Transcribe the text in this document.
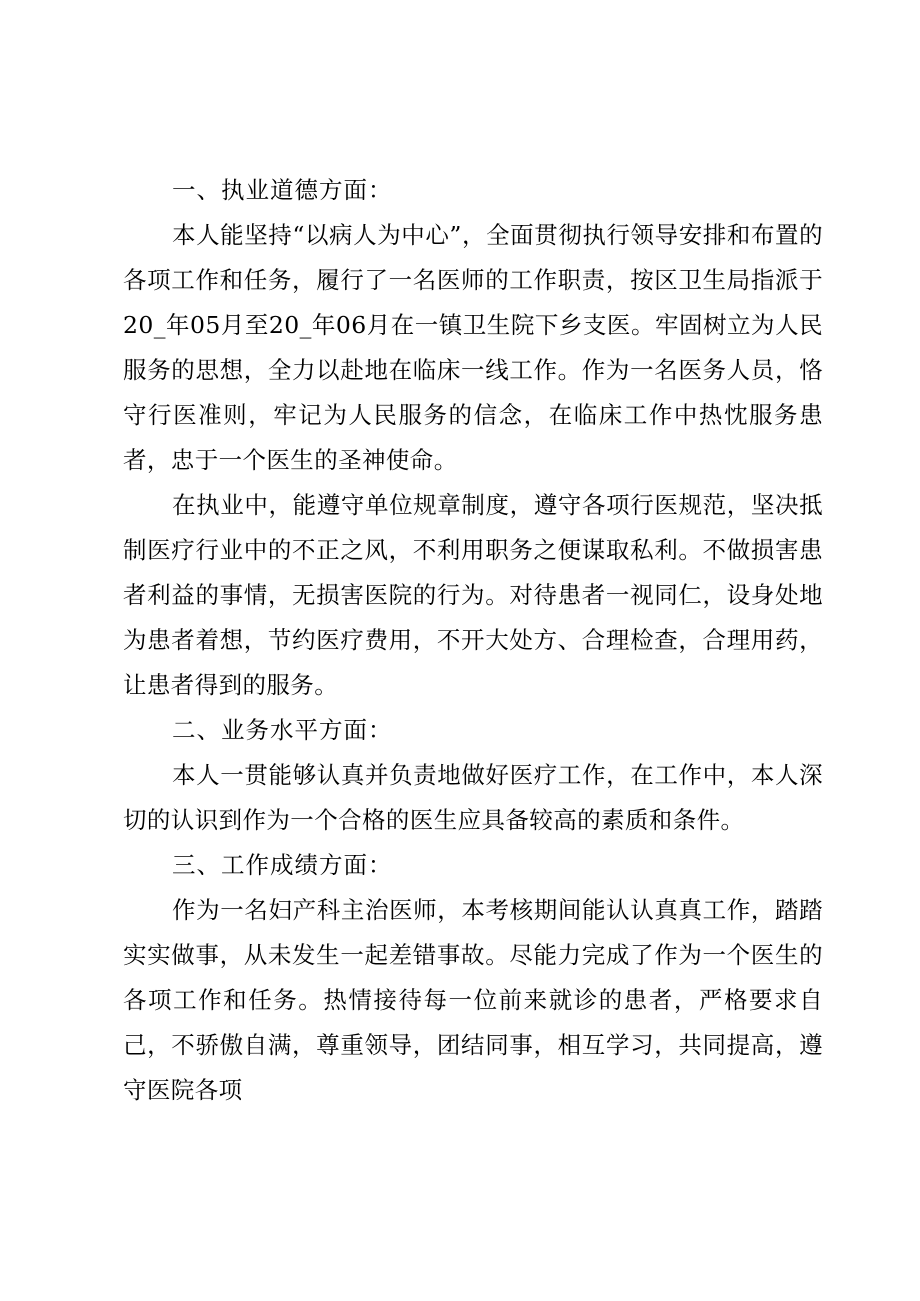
一、执业道德方面：

本人能坚持“以病人为中心”，全面贯彻执行领导安排和布置的各项工作和任务，履行了一名医师的工作职责，按区卫生局指派于20_年05月至20_年06月在一镇卫生院下乡支医。牢固树立为人民服务的思想，全力以赴地在临床一线工作。作为一名医务人员，恪守行医准则，牢记为人民服务的信念，在临床工作中热忱服务患者，忠于一个医生的圣神使命。

在执业中，能遵守单位规章制度，遵守各项行医规范，坚决抵制医疗行业中的不正之风，不利用职务之便谋取私利。不做损害患者利益的事情，无损害医院的行为。对待患者一视同仁，设身处地为患者着想，节约医疗费用，不开大处方、合理检查，合理用药，让患者得到的服务。

二、业务水平方面：

本人一贯能够认真并负责地做好医疗工作，在工作中，本人深切的认识到作为一个合格的医生应具备较高的素质和条件。

三、工作成绩方面：

作为一名妇产科主治医师，本考核期间能认认真真工作，踏踏实实做事，从未发生一起差错事故。尽能力完成了作为一个医生的各项工作和任务。热情接待每一位前来就诊的患者，严格要求自己，不骄傲自满，尊重领导，团结同事，相互学习，共同提高，遵守医院各项
